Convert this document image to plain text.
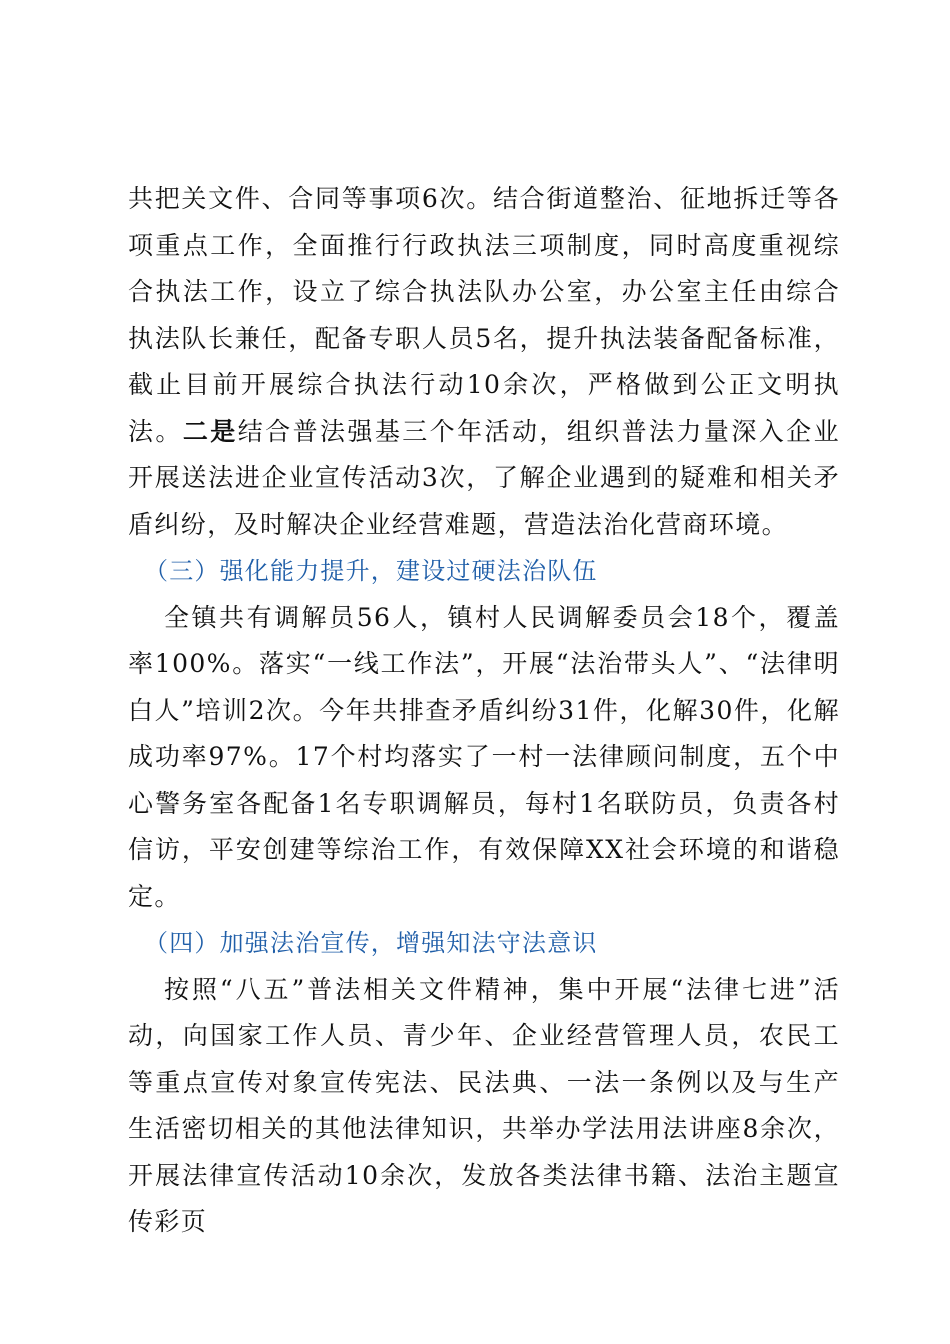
共把关文件、合同等事项6次。结合街道整治、征地拆迁等各项重点工作，全面推行行政执法三项制度，同时高度重视综合执法工作，设立了综合执法队办公室，办公室主任由综合执法队长兼任，配备专职人员5名，提升执法装备配备标准，截止目前开展综合执法行动10余次，严格做到公正文明执法。二是结合普法强基三个年活动，组织普法力量深入企业开展送法进企业宣传活动3次，了解企业遇到的疑难和相关矛盾纠纷，及时解决企业经营难题，营造法治化营商环境。

（三）强化能力提升，建设过硬法治队伍

全镇共有调解员56人，镇村人民调解委员会18个，覆盖率100%。落实“一线工作法”，开展“法治带头人”、“法律明白人”培训2次。今年共排查矛盾纠纷31件，化解30件，化解成功率97%。17个村均落实了一村一法律顾问制度，五个中心警务室各配备1名专职调解员，每村1名联防员，负责各村信访，平安创建等综治工作，有效保障XX社会环境的和谐稳定。

（四）加强法治宣传，增强知法守法意识

按照“八五”普法相关文件精神，集中开展“法律七进”活动，向国家工作人员、青少年、企业经营管理人员，农民工等重点宣传对象宣传宪法、民法典、一法一条例以及与生产生活密切相关的其他法律知识，共举办学法用法讲座8余次，开展法律宣传活动10余次，发放各类法律书籍、法治主题宣传彩页
